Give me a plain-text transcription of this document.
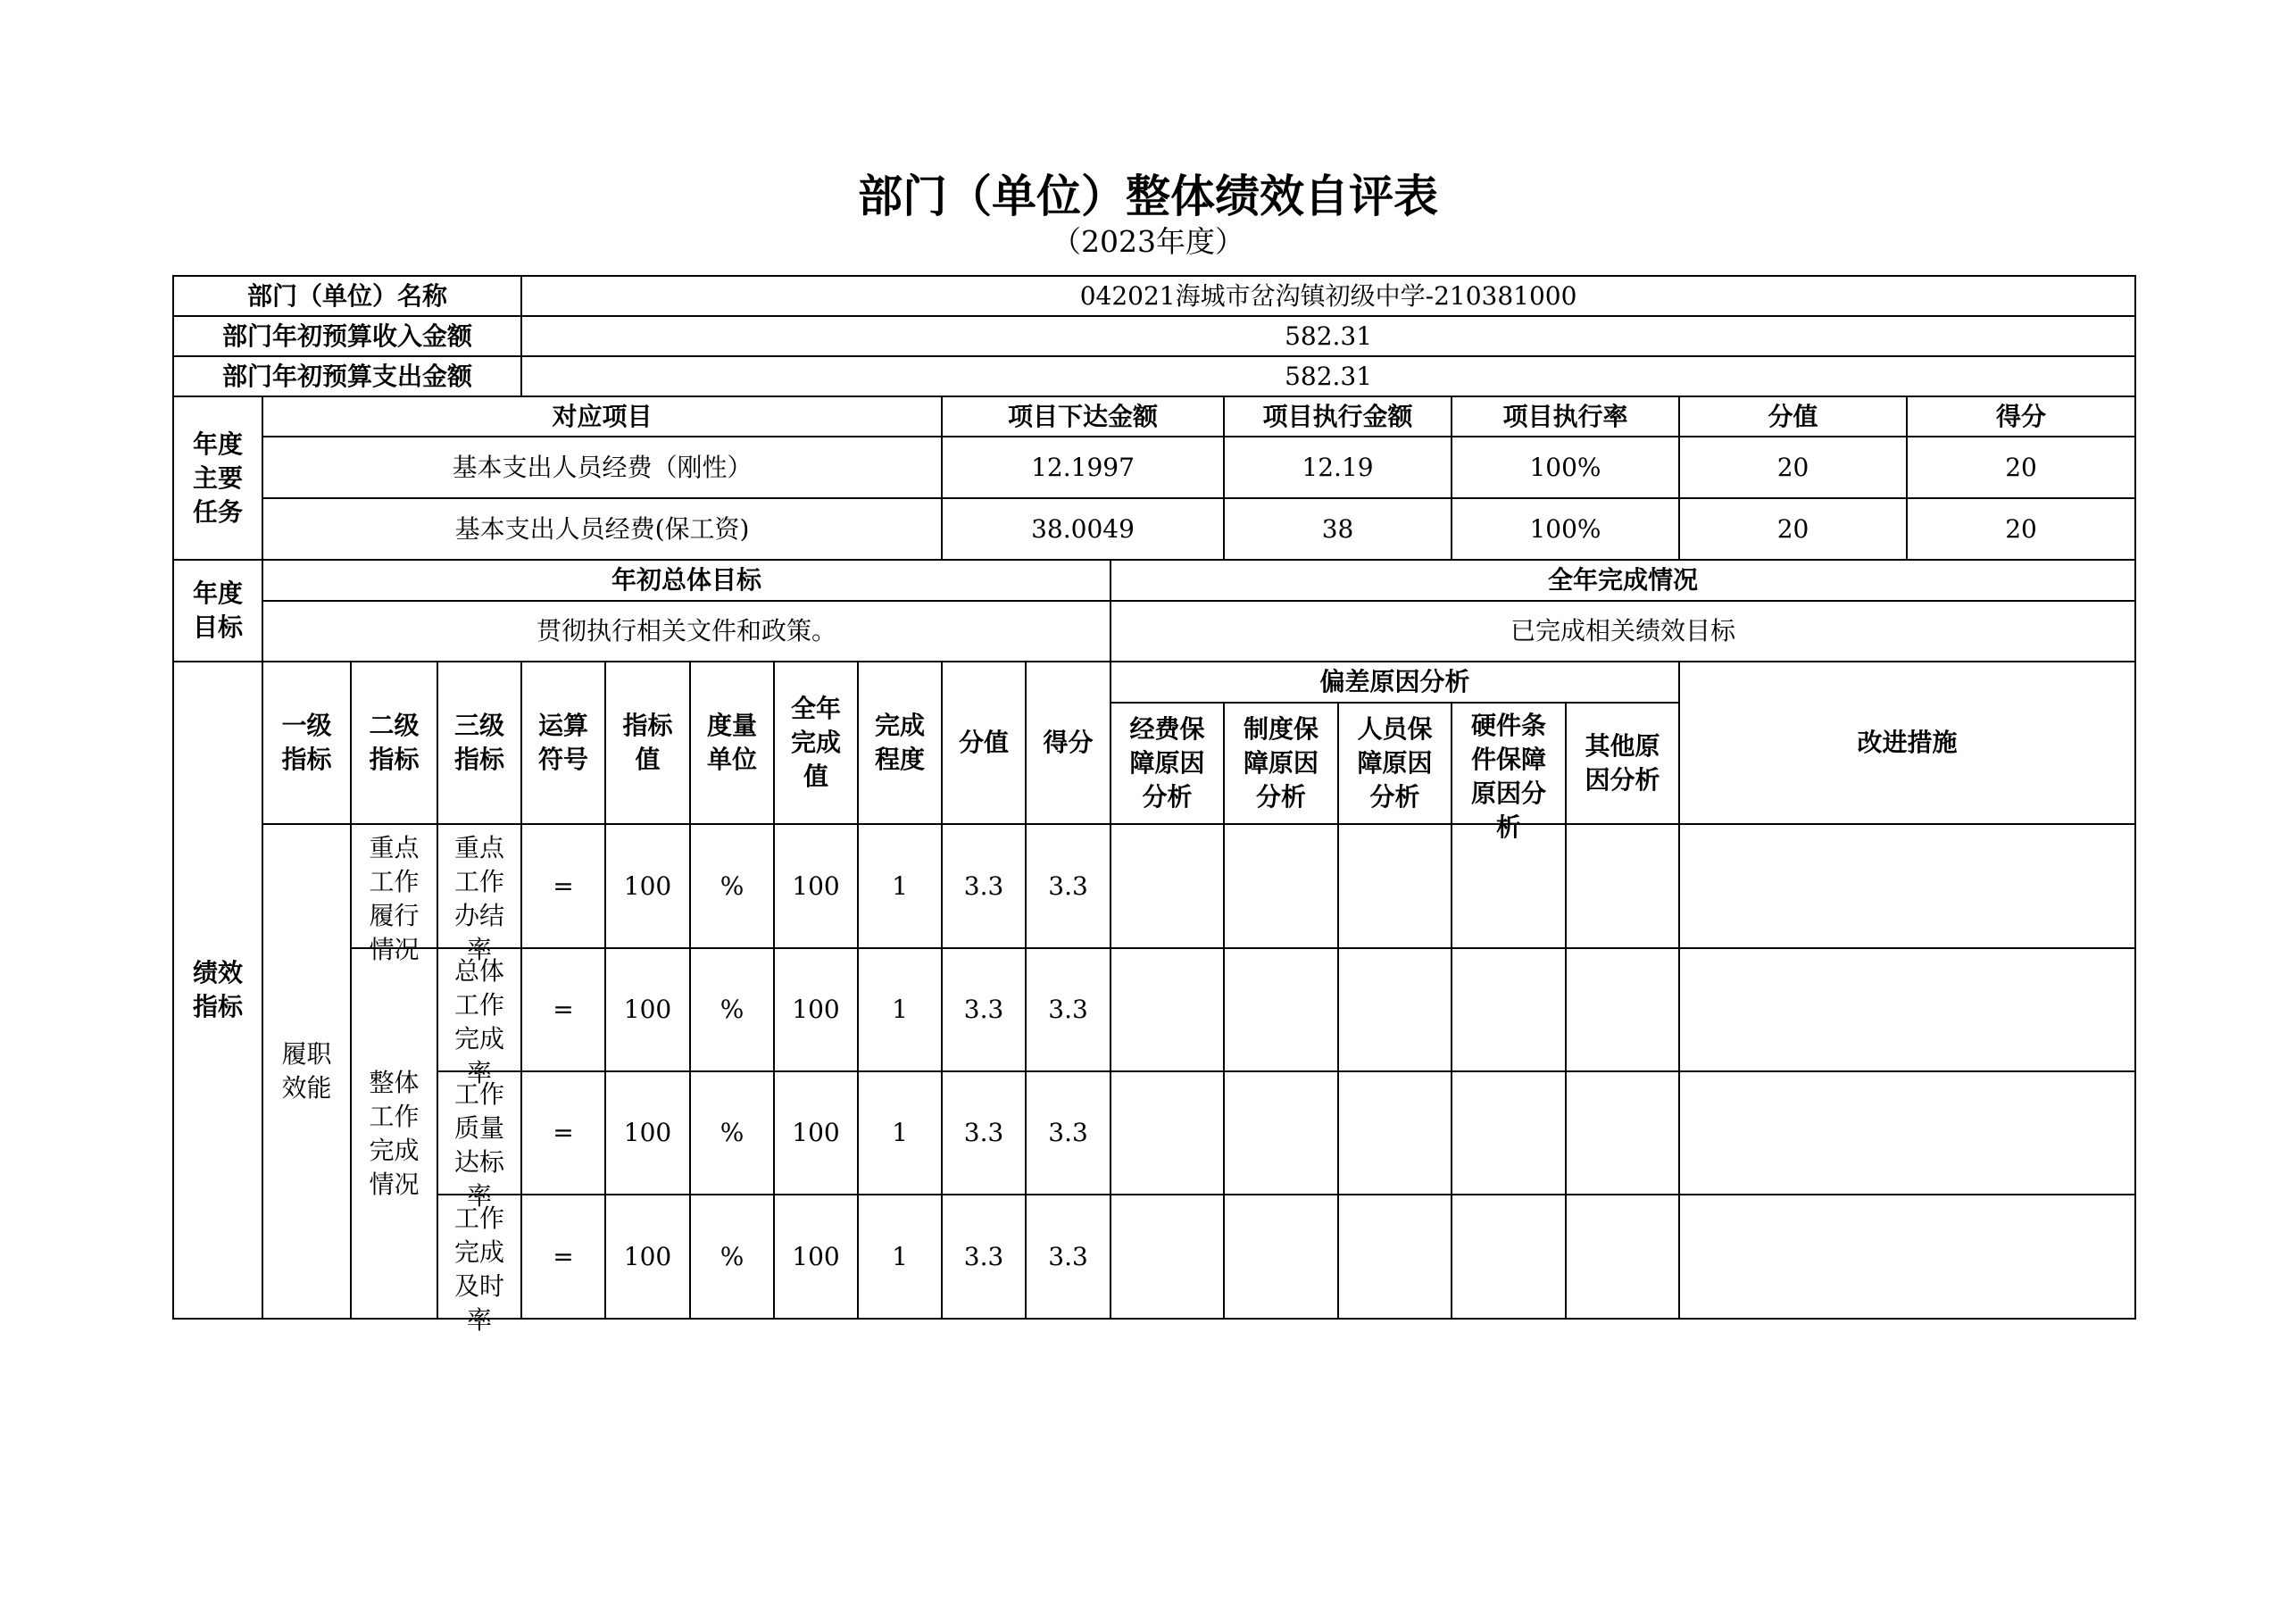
部门（单位）整体绩效自评表
（2023年度）
部门（单位）名称				042021海城市岔沟镇初级中学-210381000												
部门年初预算收入金额				582.31												
部门年初预算支出金额				582.31												
年度主要任务	对应项目								项目下达金额			项目执行金额		项目执行率		分值 得分

	基本支出人员经费（刚性）								12.1997			12.19		100%		20 20

	基本支出人员经费(保工资)								38.0049			38		100%		20 20

年度目标	年初总体目标										全年完成情况					
	贯彻执行相关文件和政策。										已完成相关绩效目标					
绩效指标	一级指标	二级指标	三级指标	运算符号	指标值	度量单位	全年完成值	完成程度	分值	得分	偏差原因分析					改进措施
											经费保障原因分析	制度保障原因分析	人员保障原因分析	硬件条件保障原因分析	其他原因分析	
	履职效能	重点工作履行情况	重点工作办结率	=	100	%	100	1	3.3	3.3						
		整体工作完成情况	总体工作完成率	=	100	%	100	1	3.3	3.3						

			工作质量达标率	=	100	%	100	1	3.3	3.3						

			工作完成及时率	=	100	%	100	1	3.3	3.3						
